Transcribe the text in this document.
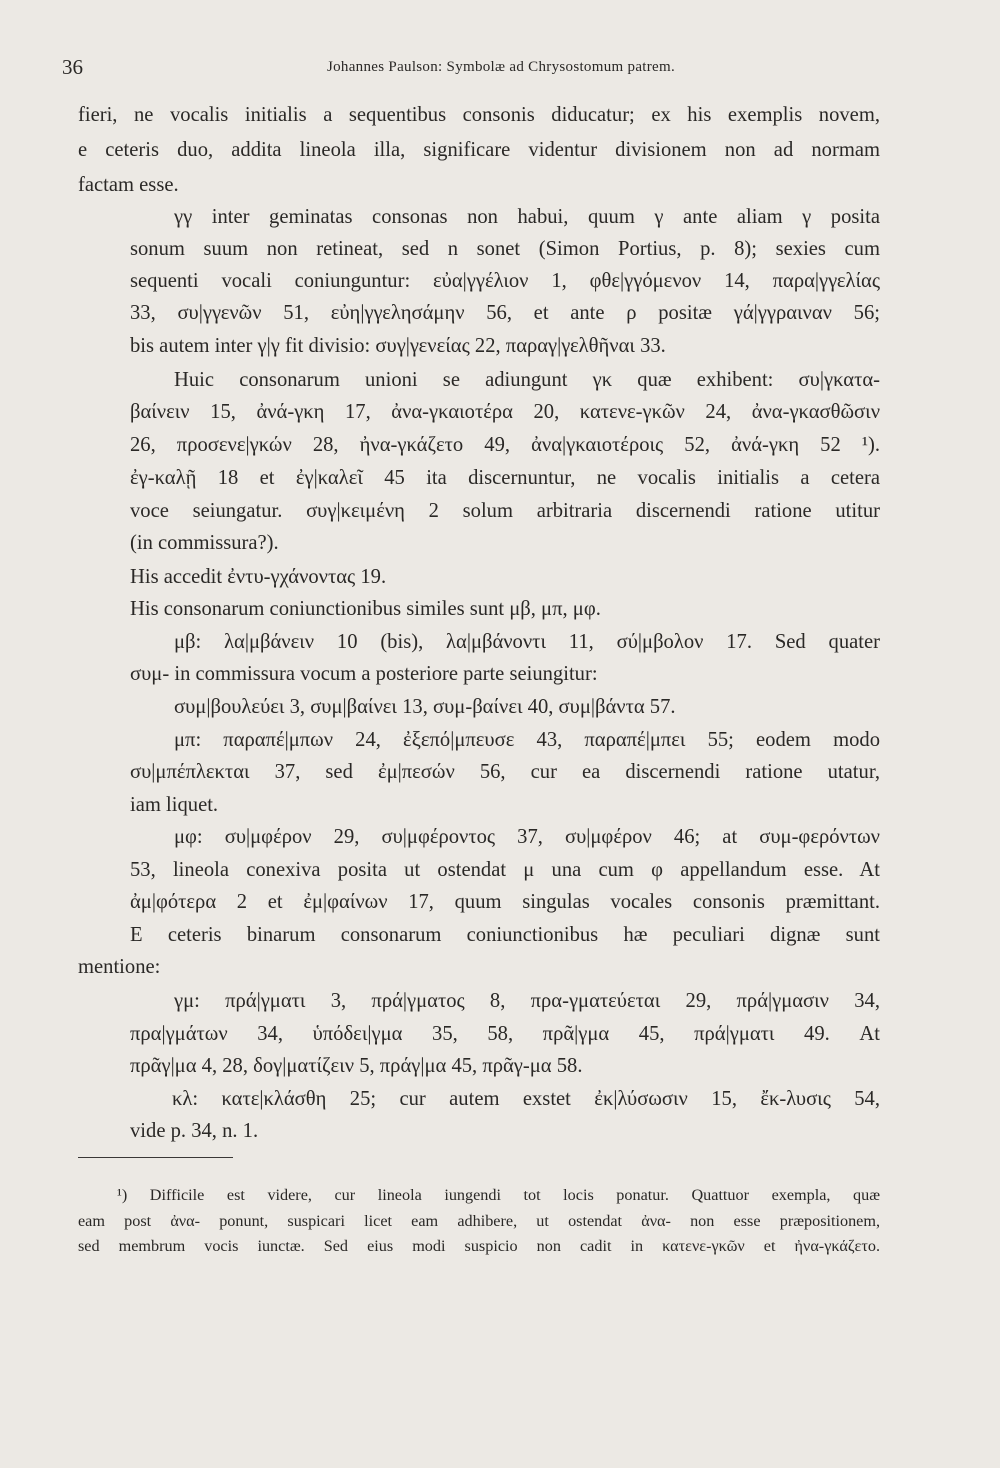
36	Johannes Paulson: Symbolæ ad Chrysostomum patrem.
fieri, ne vocalis initialis a sequentibus consonis diducatur; ex his exemplis novem,
e ceteris duo, addita lineola illa, significare videntur divisionem non ad normam
factam esse.
γγ inter geminatas consonas non habui, quum γ ante aliam γ posita
sonum suum non retineat, sed n sonet (Simon Portius, p. 8); sexies cum
sequenti vocali coniunguntur: εὐα|γγέλιον 1, φθε|γγόμενον 14, παρα|γγελίας
33, συ|γγενῶν 51, εὐη|γγελησάμην 56, et ante ρ positæ γά|γγραιναν 56;
bis autem inter γ|γ fit divisio: συγ|γενείας 22, παραγ|γελθῆναι 33.
Huic consonarum unioni se adiungunt γκ quæ exhibent: συ|γκατα-
βαίνειν 15, ἀνά-γκη 17, ἀνα-γκαιοτέρα 20, κατενε-γκῶν 24, ἀνα-γκασθῶσιν
26, προσενε|γκών 28, ἠνα-γκάζετο 49, ἀνα|γκαιοτέροις 52, ἀνά-γκη 52 ¹).
ἐγ-καλῇ 18 et ἐγ|καλεῖ 45 ita discernuntur, ne vocalis initialis a cetera
voce seiungatur. συγ|κειμένη 2 solum arbitraria discernendi ratione utitur
(in commissura?).
His accedit ἐντυ-γχάνοντας 19.
His consonarum coniunctionibus similes sunt μβ, μπ, μφ.
μβ: λα|μβάνειν 10 (bis), λα|μβάνοντι 11, σύ|μβολον 17. Sed quater
συμ- in commissura vocum a posteriore parte seiungitur:
συμ|βουλεύει 3, συμ|βαίνει 13, συμ-βαίνει 40, συμ|βάντα 57.
μπ: παραπέ|μπων 24, ἐξεπό|μπευσε 43, παραπέ|μπει 55; eodem modo
συ|μπέπλεκται 37, sed ἐμ|πεσών 56, cur ea discernendi ratione utatur,
iam liquet.
μφ: συ|μφέρον 29, συ|μφέροντος 37, συ|μφέρον 46; at συμ-φερόντων
53, lineola conexiva posita ut ostendat μ una cum φ appellandum esse. At
ἀμ|φότερα 2 et ἐμ|φαίνων 17, quum singulas vocales consonis præmittant.
E ceteris binarum consonarum coniunctionibus hæ peculiari dignæ sunt
mentione:
γμ: πρά|γματι 3, πρά|γματος 8, πρα-γματεύεται 29, πρά|γμασιν 34,
πρα|γμάτων 34, ὑπόδει|γμα 35, 58, πρᾶ|γμα 45, πρά|γματι 49. At
πρᾶγ|μα 4, 28, δογ|ματίζειν 5, πράγ|μα 45, πρᾶγ-μα 58.
κλ: κατε|κλάσθη 25; cur autem exstet ἐκ|λύσωσιν 15, ἔκ-λυσις 54,
vide p. 34, n. 1.
¹) Difficile est videre, cur lineola iungendi tot locis ponatur. Quattuor exempla, quæ
eam post ἀνα- ponunt, suspicari licet eam adhibere, ut ostendat ἀνα- non esse præpositionem,
sed membrum vocis iunctæ. Sed eius modi suspicio non cadit in κατενε-γκῶν et ἠνα-γκάζετο.
